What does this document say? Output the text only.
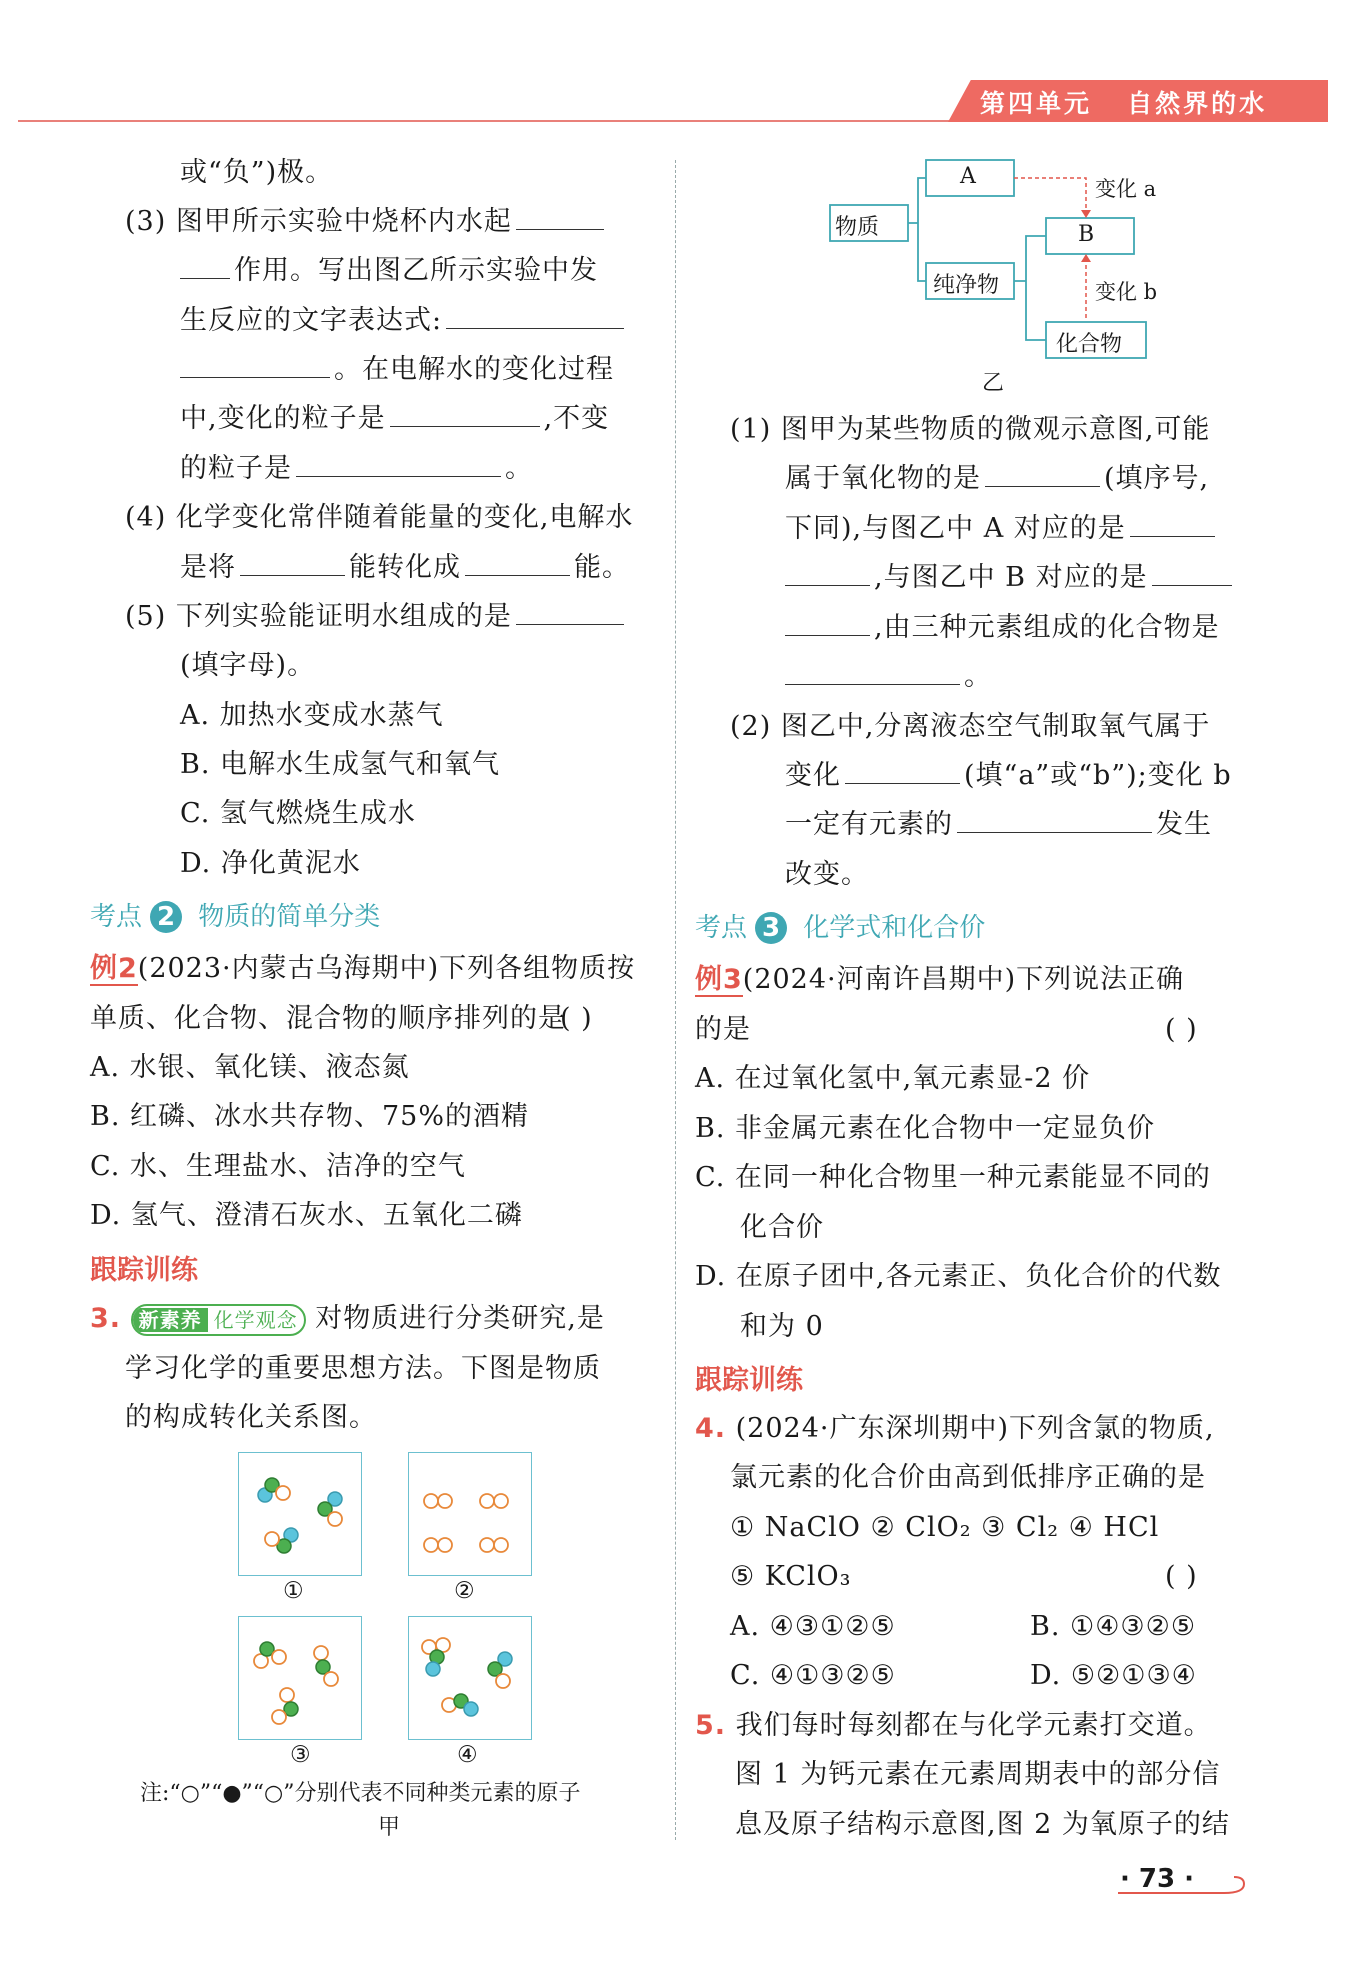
第四单元 自然界的水
或“负”)极。
(3) 图甲所示实验中烧杯内水起
作用。写出图乙所示实验中发
生反应的文字表达式:
。在电解水的变化过程
中,变化的粒子是	,不变
的粒子是	。
(4) 化学变化常伴随着能量的变化,电解水
是将	能转化成	能。
(5) 下列实验能证明水组成的是
(填字母)。
A. 加热水变成水蒸气
B. 电解水生成氢气和氧气
C. 氢气燃烧生成水
D. 净化黄泥水
考点 2 物质的简单分类
例2(2023·内蒙古乌海期中)下列各组物质按
单质、化合物、混合物的顺序排列的是
( )
A. 水银、氧化镁、液态氮
B. 红磷、冰水共存物、75%的酒精
C. 水、生理盐水、洁净的空气
D. 氢气、澄清石灰水、五氧化二磷
跟踪训练
3. 新素养 化学观念 对物质进行分类研究,是
学习化学的重要思想方法。下图是物质
的构成转化关系图。
①	②
③	④
注:“○”“●”“○”分别代表不同种类元素的原子
甲
A
物质
纯净物
B
化合物
变化 a
变化 b
乙
(1) 图甲为某些物质的微观示意图,可能
属于氧化物的是	(填序号,
下同),与图乙中 A 对应的是
,与图乙中 B 对应的是
,由三种元素组成的化合物是
。
(2) 图乙中,分离液态空气制取氧气属于
变化	(填“a”或“b”);变化 b
一定有元素的	发生
改变。
考点 3 化学式和化合价
例3(2024·河南许昌期中)下列说法正确
的是	( )
A. 在过氧化氢中,氧元素显-2 价
B. 非金属元素在化合物中一定显负价
C. 在同一种化合物里一种元素能显不同的
化合价
D. 在原子团中,各元素正、负化合价的代数
和为 0
跟踪训练
4. (2024·广东深圳期中)下列含氯的物质,
氯元素的化合价由高到低排序正确的是
① NaClO ② ClO₂ ③ Cl₂ ④ HCl
⑤ KClO₃	( )
A. ④③①②⑤	B. ①④③②⑤
C. ④①③②⑤	D. ⑤②①③④
5. 我们每时每刻都在与化学元素打交道。
图 1 为钙元素在元素周期表中的部分信
息及原子结构示意图,图 2 为氧原子的结
· 73 ·
